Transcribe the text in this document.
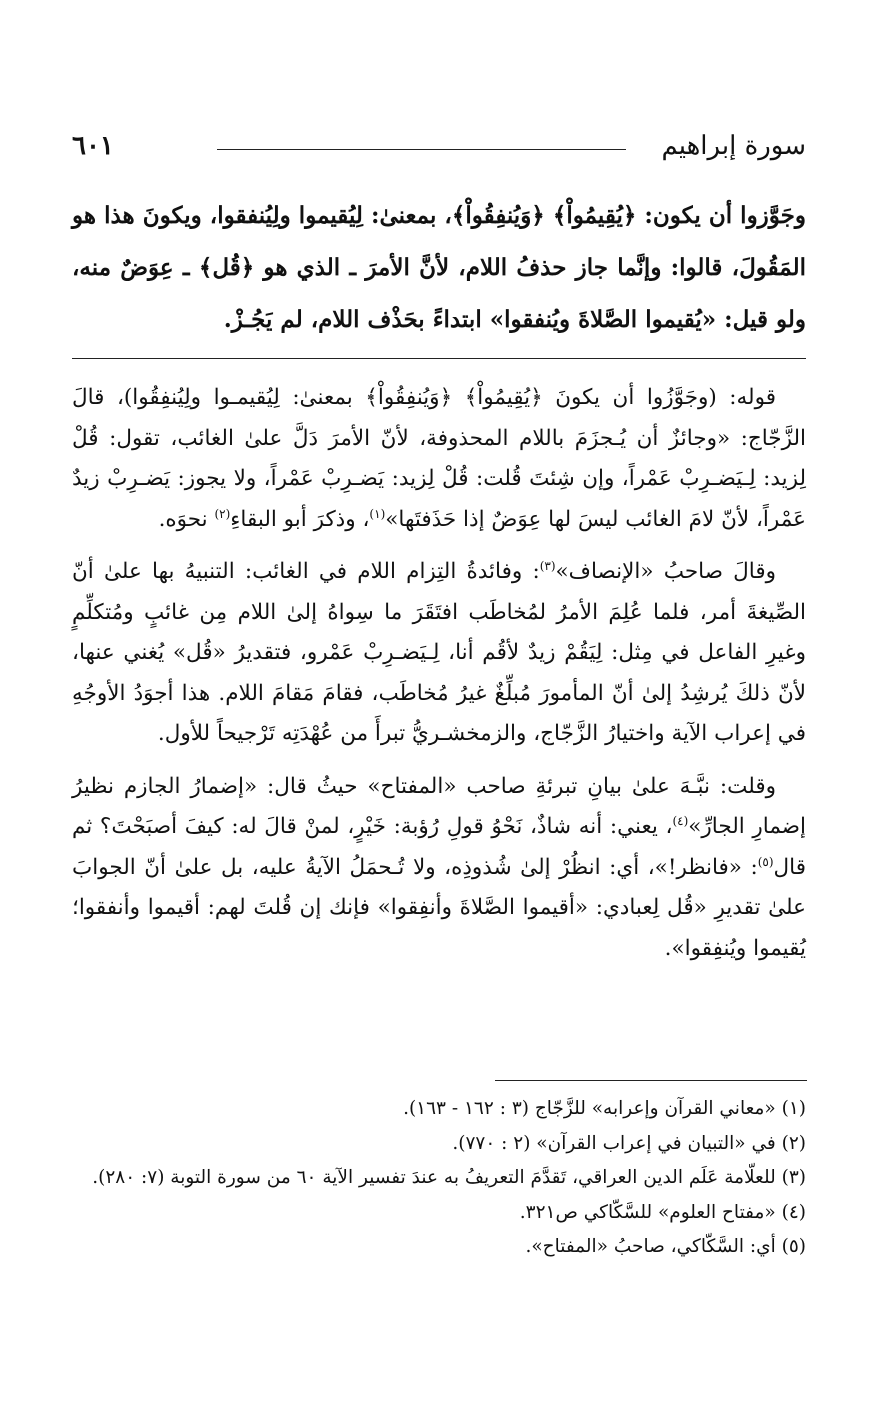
سورة إبراهيم
٦٠١
وجَوَّزوا أن يكون: ﴿يُقِيمُواْ﴾ ﴿وَيُنفِقُواْ﴾، بمعنىٰ: لِيُقيموا ولِيُنفقوا، ويكونَ هذا هو المَقُولَ، قالوا: وإنَّما جاز حذفُ اللام، لأنَّ الأمرَ ـ الذي هو ﴿قُل﴾ ـ عِوَضٌ منه، ولو قيل: «يُقيموا الصَّلاةَ ويُنفقوا» ابتداءً بحَذْف اللام، لم يَجُـزْ.

قوله: (وجَوَّزُوا أن يكونَ ﴿يُقِيمُواْ﴾ ﴿وَيُنفِقُواْ﴾ بمعنىٰ: لِيُقيمـوا ولِيُنفِقُوا)، قالَ الزَّجّاج: «وجائزٌ أن يُـجزَمَ باللام المحذوفة، لأنّ الأمرَ دَلَّ علىٰ الغائب، تقول: قُلْ لِزيد: لِـيَضـرِبْ عَمْراً، وإن شِئتَ قُلت: قُلْ لِزيد: يَضـرِبْ عَمْراً، ولا يجوز: يَضـرِبْ زيدٌ عَمْراً، لأنّ لامَ الغائب ليسَ لها عِوَضٌ إذا حَذَفتَها»$^{(١)}$، وذكرَ أبو البقاءِ$^{(٢)}$ نحوَه.

وقالَ صاحبُ «الإنصاف»$^{(٣)}$: وفائدةُ التِزام اللام في الغائب: التنبيهُ بها علىٰ أنّ الصِّيغةَ أمر، فلما عُلِمَ الأمرُ لمُخاطَب افتَقَرَ ما سِواهُ إلىٰ اللام مِن غائبٍ ومُتكلِّمٍ وغيرِ الفاعل في مِثل: لِيَقُمْ زيدٌ لأقُم أنا، لِـيَضـرِبْ عَمْرو، فتقديرُ «قُل» يُغني عنها، لأنّ ذلكَ يُرشِدُ إلىٰ أنّ المأمورَ مُبلِّغٌ غيرُ مُخاطَب، فقامَ مَقامَ اللام. هذا أجوَدُ الأوجُهِ في إعراب الآية واختيارُ الزَّجّاج، والزمخشـريُّ تبرأَ من عُهْدَتِه تَرْجيحاً للأول.

وقلت: نبَّـهَ علىٰ بيانِ تبرئةِ صاحب «المفتاح» حيثُ قال: «إضمارُ الجازم نظيرُ إضمارِ الجارِّ»$^{(٤)}$، يعني: أنه شاذٌ، نَحْوُ قولِ رُؤبة: خَيْرٍ، لمنْ قالَ له: كيفَ أصبَحْتَ؟ ثم قال$^{(٥)}$: «فانظر!»، أي: انظُرْ إلىٰ شُذوذِه، ولا تُـحمَلُ الآيةُ عليه، بل علىٰ أنّ الجوابَ علىٰ تقديرِ «قُل لِعبادي: «أقيموا الصَّلاةَ وأنفِقوا» فإنك إن قُلتَ لهم: أقيموا وأنفقوا؛ يُقيموا ويُنفِقوا».

(١) «معاني القرآن وإعرابه» للزَّجّاج (٣ : ١٦٢ - ١٦٣).
(٢) في «التبيان في إعراب القرآن» (٢ : ٧٧٠).
(٣) للعلّامة عَلَم الدين العراقي، تَقدَّمَ التعريفُ به عندَ تفسير الآية ٦٠ من سورة التوبة (٧: ٢٨٠).
(٤) «مفتاح العلوم» للسَّكّاكي ص٣٢١.
(٥) أي: السَّكّاكي، صاحبُ «المفتاح».
